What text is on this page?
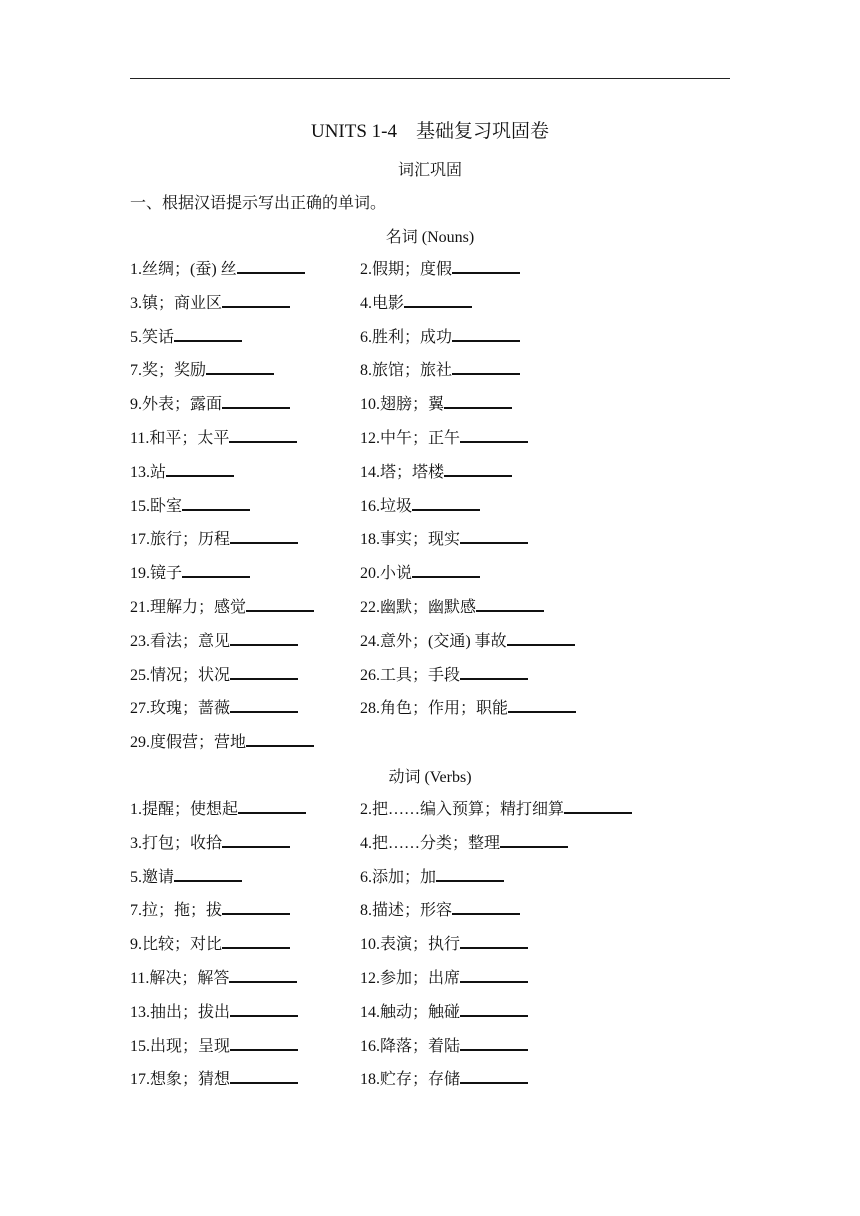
UNITS 1-4　基础复习巩固卷
词汇巩固
一、根据汉语提示写出正确的单词。
名词 (Nouns)
1.丝绸；(蚕) 丝	2.假期；度假
3.镇；商业区	4.电影
5.笑话	6.胜利；成功
7.奖；奖励	8.旅馆；旅社
9.外表；露面	10.翅膀；翼
11.和平；太平	12.中午；正午
13.站	14.塔；塔楼
15.卧室	16.垃圾
17.旅行；历程	18.事实；现实
19.镜子	20.小说
21.理解力；感觉	22.幽默；幽默感
23.看法；意见	24.意外；(交通) 事故
25.情况；状况	26.工具；手段
27.玫瑰；蔷薇	28.角色；作用；职能
29.度假营；营地
动词 (Verbs)
1.提醒；使想起	2.把……编入预算；精打细算
3.打包；收拾	4.把……分类；整理
5.邀请	6.添加；加
7.拉；拖；拔	8.描述；形容
9.比较；对比	10.表演；执行
11.解决；解答	12.参加；出席
13.抽出；拔出	14.触动；触碰
15.出现；呈现	16.降落；着陆
17.想象；猜想	18.贮存；存储
